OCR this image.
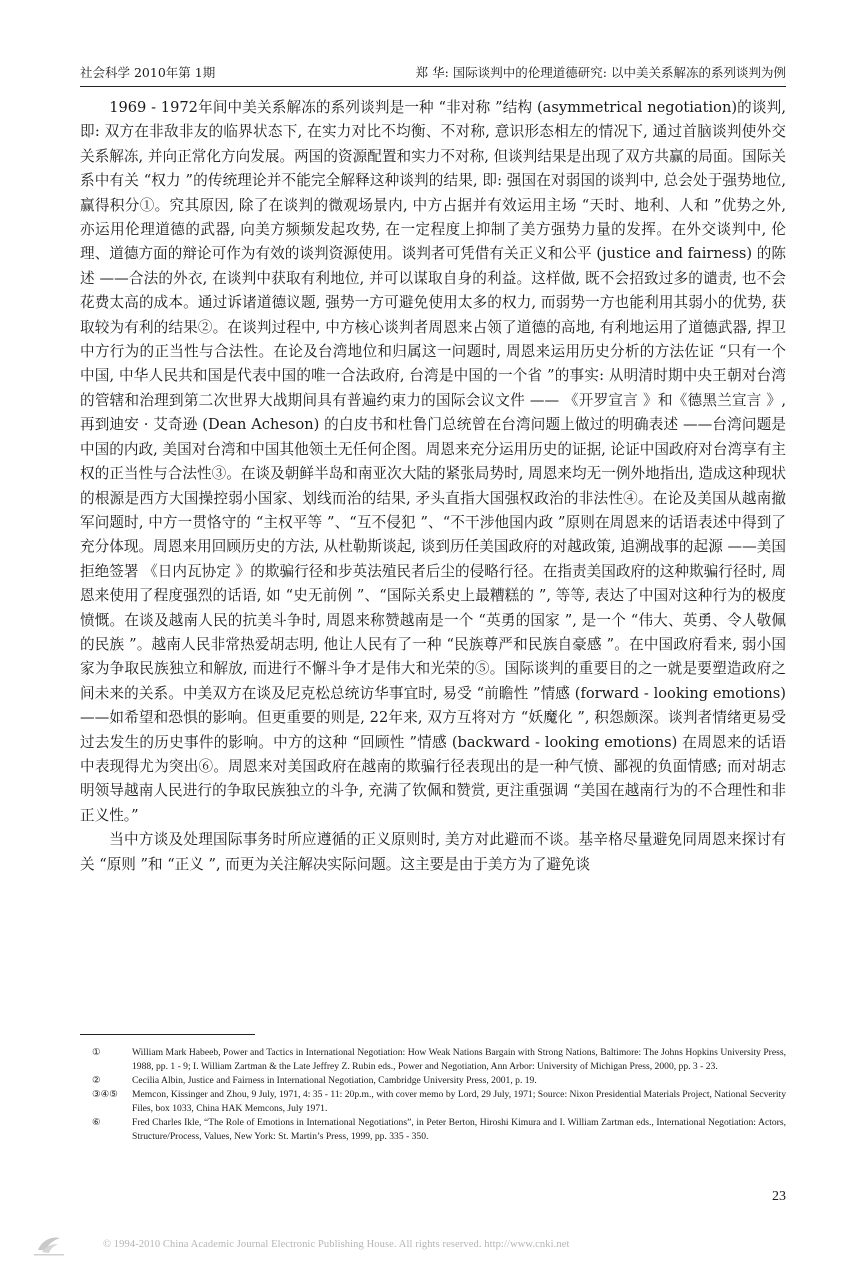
社会科学 2010年第 1期	郑 华: 国际谈判中的伦理道德研究: 以中美关系解冻的系列谈判为例

1969 - 1972年间中美关系解冻的系列谈判是一种 “非对称 ”结构 (asymmetrical negotiation)的谈判, 即: 双方在非敌非友的临界状态下, 在实力对比不均衡、不对称, 意识形态相左的情况下, 通过首脑谈判使外交关系解冻, 并向正常化方向发展。两国的资源配置和实力不对称, 但谈判结果是出现了双方共赢的局面。国际关系中有关 “权力 ”的传统理论并不能完全解释这种谈判的结果, 即: 强国在对弱国的谈判中, 总会处于强势地位, 赢得积分①。究其原因, 除了在谈判的微观场景内, 中方占据并有效运用主场 “天时、地利、人和 ”优势之外, 亦运用伦理道德的武器, 向美方频频发起攻势, 在一定程度上抑制了美方强势力量的发挥。在外交谈判中, 伦理、道德方面的辩论可作为有效的谈判资源使用。谈判者可凭借有关正义和公平 (justice and fairness) 的陈述 ——合法的外衣, 在谈判中获取有利地位, 并可以谋取自身的利益。这样做, 既不会招致过多的谴责, 也不会花费太高的成本。通过诉诸道德议题, 强势一方可避免使用太多的权力, 而弱势一方也能利用其弱小的优势, 获取较为有利的结果②。在谈判过程中, 中方核心谈判者周恩来占领了道德的高地, 有利地运用了道德武器, 捍卫中方行为的正当性与合法性。在论及台湾地位和归属这一问题时, 周恩来运用历史分析的方法佐证 “只有一个中国, 中华人民共和国是代表中国的唯一合法政府, 台湾是中国的一个省 ”的事实: 从明清时期中央王朝对台湾的管辖和治理到第二次世界大战期间具有普遍约束力的国际会议文件 —— 《开罗宣言 》和《德黑兰宣言 》, 再到迪安 · 艾奇逊 (Dean Acheson) 的白皮书和杜鲁门总统曾在台湾问题上做过的明确表述 ——台湾问题是中国的内政, 美国对台湾和中国其他领土无任何企图。周恩来充分运用历史的证据, 论证中国政府对台湾享有主权的正当性与合法性③。在谈及朝鲜半岛和南亚次大陆的紧张局势时, 周恩来均无一例外地指出, 造成这种现状的根源是西方大国操控弱小国家、划线而治的结果, 矛头直指大国强权政治的非法性④。在论及美国从越南撤军问题时, 中方一贯恪守的 “主权平等 ”、“互不侵犯 ”、“不干涉他国内政 ”原则在周恩来的话语表述中得到了充分体现。周恩来用回顾历史的方法, 从杜勒斯谈起, 谈到历任美国政府的对越政策, 追溯战事的起源 ——美国拒绝签署 《日内瓦协定 》的欺骗行径和步英法殖民者后尘的侵略行径。在指责美国政府的这种欺骗行径时, 周恩来使用了程度强烈的话语, 如 “史无前例 ”、“国际关系史上最糟糕的 ”, 等等, 表达了中国对这种行为的极度愤慨。在谈及越南人民的抗美斗争时, 周恩来称赞越南是一个 “英勇的国家 ”, 是一个 “伟大、英勇、令人敬佩的民族 ”。越南人民非常热爱胡志明, 他让人民有了一种 “民族尊严和民族自豪感 ”。在中国政府看来, 弱小国家为争取民族独立和解放, 而进行不懈斗争才是伟大和光荣的⑤。国际谈判的重要目的之一就是要塑造政府之间未来的关系。中美双方在谈及尼克松总统访华事宜时, 易受 “前瞻性 ”情感 (forward - looking emotions) ——如希望和恐惧的影响。但更重要的则是, 22年来, 双方互将对方 “妖魔化 ”, 积怨颇深。谈判者情绪更易受过去发生的历史事件的影响。中方的这种 “回顾性 ”情感 (backward - looking emotions) 在周恩来的话语中表现得尤为突出⑥。周恩来对美国政府在越南的欺骗行径表现出的是一种气愤、鄙视的负面情感; 而对胡志明领导越南人民进行的争取民族独立的斗争, 充满了钦佩和赞赏, 更注重强调 “美国在越南行为的不合理性和非正义性。”

当中方谈及处理国际事务时所应遵循的正义原则时, 美方对此避而不谈。基辛格尽量避免同周恩来探讨有关 “原则 ”和 “正义 ”, 而更为关注解决实际问题。这主要是由于美方为了避免谈

①	William Mark Habeeb, Power and Tactics in International Negotiation: How Weak Nations Bargain with Strong Nations, Baltimore: The Johns Hopkins University Press, 1988, pp. 1 - 9; I. William Zartman & the Late Jeffrey Z. Rubin eds., Power and Negotiation, Ann Arbor: University of Michigan Press, 2000, pp. 3 - 23.
②	Cecilia Albin, Justice and Fairness in International Negotiation, Cambridge University Press, 2001, p. 19.
③④⑤	Memcon, Kissinger and Zhou, 9 July, 1971, 4: 35 - 11: 20p.m., with cover memo by Lord, 29 July, 1971; Source: Nixon Presidential Materials Project, National Secverity Files, box 1033, China HAK Memcons, July 1971.
⑥	Fred Charles Ikle, “The Role of Emotions in International Negotiations”, in Peter Berton, Hiroshi Kimura and I. William Zartman eds., International Negotiation: Actors, Structure/Process, Values, New York: St. Martin’s Press, 1999, pp. 335 - 350.
23
© 1994-2010 China Academic Journal Electronic Publishing House. All rights reserved. http://www.cnki.net
